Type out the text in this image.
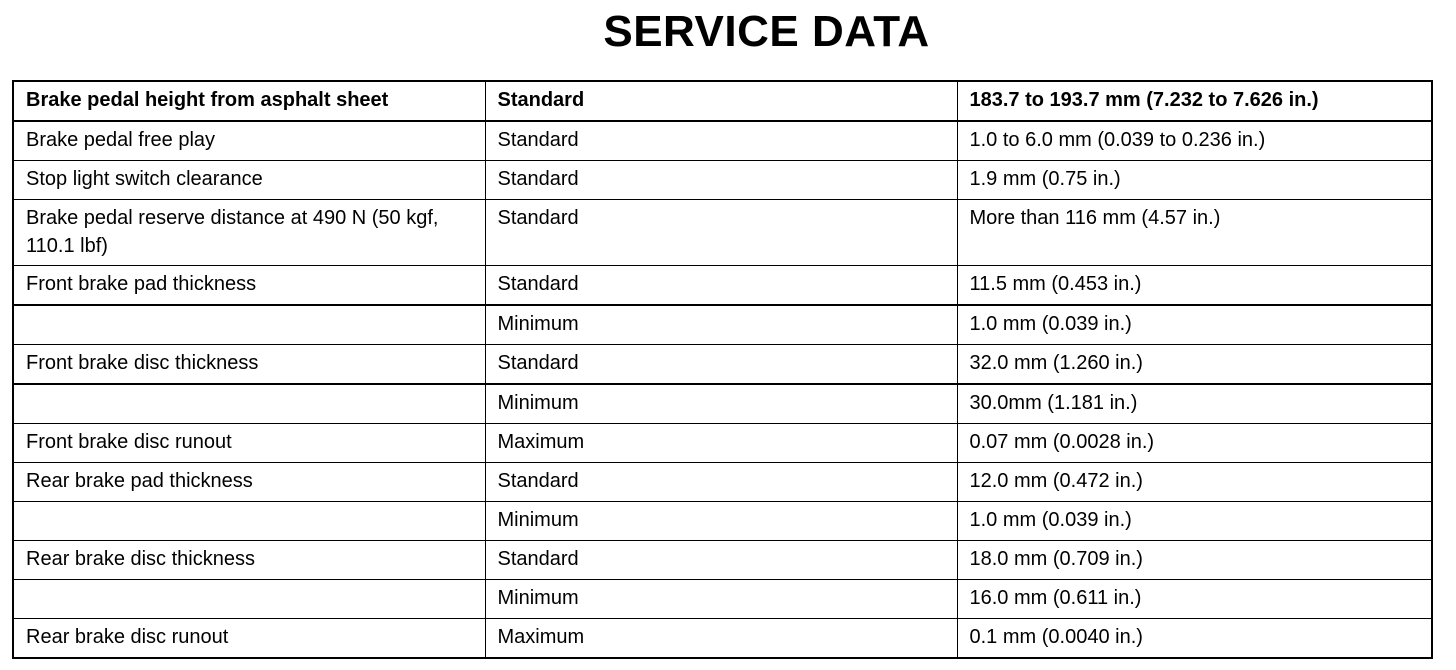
SERVICE DATA
Brake pedal height from asphalt sheet	Standard	183.7 to 193.7 mm (7.232 to 7.626 in.)
Brake pedal free play	Standard	1.0 to 6.0 mm (0.039 to 0.236 in.)
Stop light switch clearance	Standard	1.9 mm (0.75 in.)
Brake pedal reserve distance at 490 N (50 kgf, 110.1 lbf)	Standard	More than 116 mm (4.57 in.)
Front brake pad thickness	Standard	11.5 mm (0.453 in.)
	Minimum	1.0 mm (0.039 in.)
Front brake disc thickness	Standard	32.0 mm (1.260 in.)
	Minimum	30.0mm (1.181 in.)
Front brake disc runout	Maximum	0.07 mm (0.0028 in.)
Rear brake pad thickness	Standard	12.0 mm (0.472 in.)
	Minimum	1.0 mm (0.039 in.)
Rear brake disc thickness	Standard	18.0 mm (0.709 in.)
	Minimum	16.0 mm (0.611 in.)
Rear brake disc runout	Maximum	0.1 mm (0.0040 in.)
